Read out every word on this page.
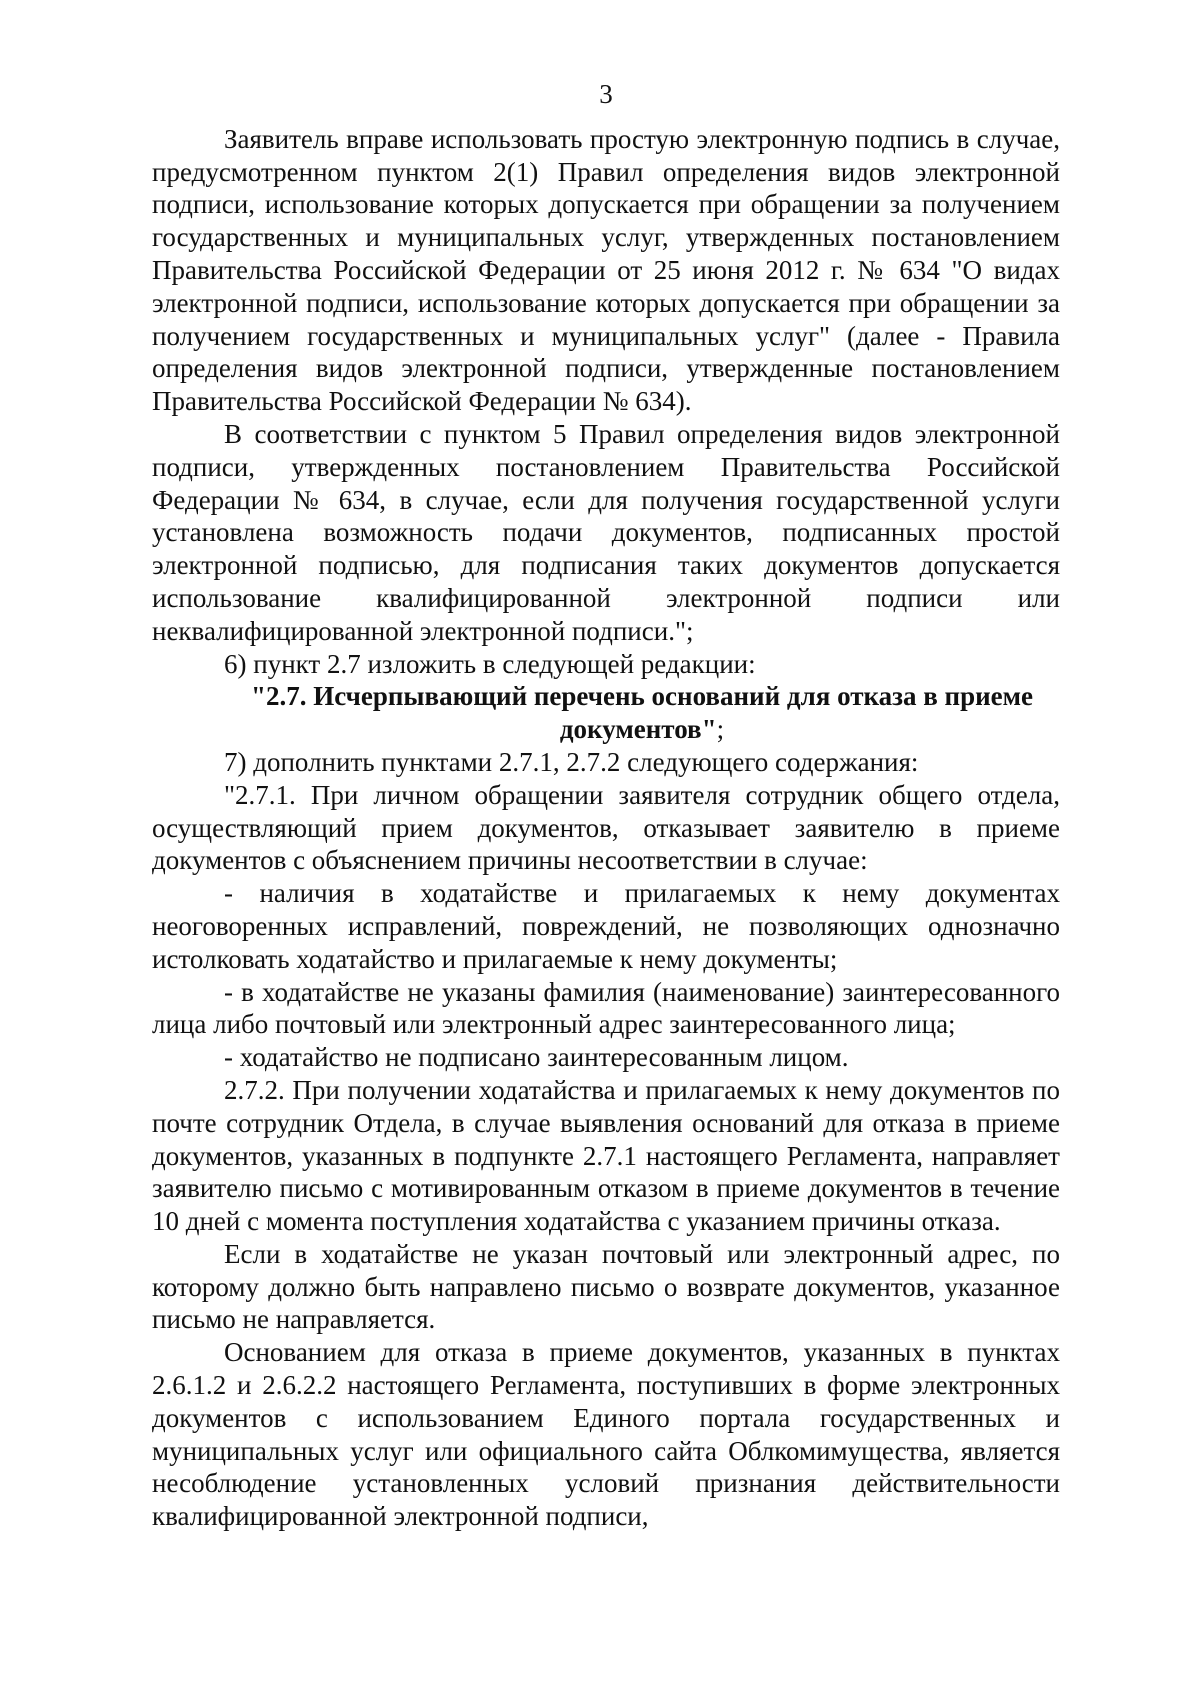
3

Заявитель вправе использовать простую электронную подпись в случае, предусмотренном пунктом 2(1) Правил определения видов электронной подписи, использование которых допускается при обращении за получением государственных и муниципальных услуг, утвержденных постановлением Правительства Российской Федерации от 25 июня 2012 г. № 634 "О видах электронной подписи, использование которых допускается при обращении за получением государственных и муниципальных услуг" (далее - Правила определения видов электронной подписи, утвержденные постановлением Правительства Российской Федерации № 634).

В соответствии с пунктом 5 Правил определения видов электронной подписи, утвержденных постановлением Правительства Российской Федерации № 634, в случае, если для получения государственной услуги установлена возможность подачи документов, подписанных простой электронной подписью, для подписания таких документов допускается использование квалифицированной электронной подписи или неквалифицированной электронной подписи.";

6) пункт 2.7 изложить в следующей редакции:

"2.7. Исчерпывающий перечень оснований для отказа в приеме документов";

7) дополнить пунктами 2.7.1, 2.7.2 следующего содержания:

"2.7.1. При личном обращении заявителя сотрудник общего отдела, осуществляющий прием документов, отказывает заявителю в приеме документов с объяснением причины несоответствии в случае:

- наличия в ходатайстве и прилагаемых к нему документах неоговоренных исправлений, повреждений, не позволяющих однозначно истолковать ходатайство и прилагаемые к нему документы;

- в ходатайстве не указаны фамилия (наименование) заинтересованного лица либо почтовый или электронный адрес заинтересованного лица;

- ходатайство не подписано заинтересованным лицом.

2.7.2. При получении ходатайства и прилагаемых к нему документов по почте сотрудник Отдела, в случае выявления оснований для отказа в приеме документов, указанных в подпункте 2.7.1 настоящего Регламента, направляет заявителю письмо с мотивированным отказом в приеме документов в течение 10 дней с момента поступления ходатайства с указанием причины отказа.

Если в ходатайстве не указан почтовый или электронный адрес, по которому должно быть направлено письмо о возврате документов, указанное письмо не направляется.

Основанием для отказа в приеме документов, указанных в пунктах 2.6.1.2 и 2.6.2.2 настоящего Регламента, поступивших в форме электронных документов с использованием Единого портала государственных и муниципальных услуг или официального сайта Облкомимущества, является несоблюдение установленных условий признания действительности квалифицированной электронной подписи,
